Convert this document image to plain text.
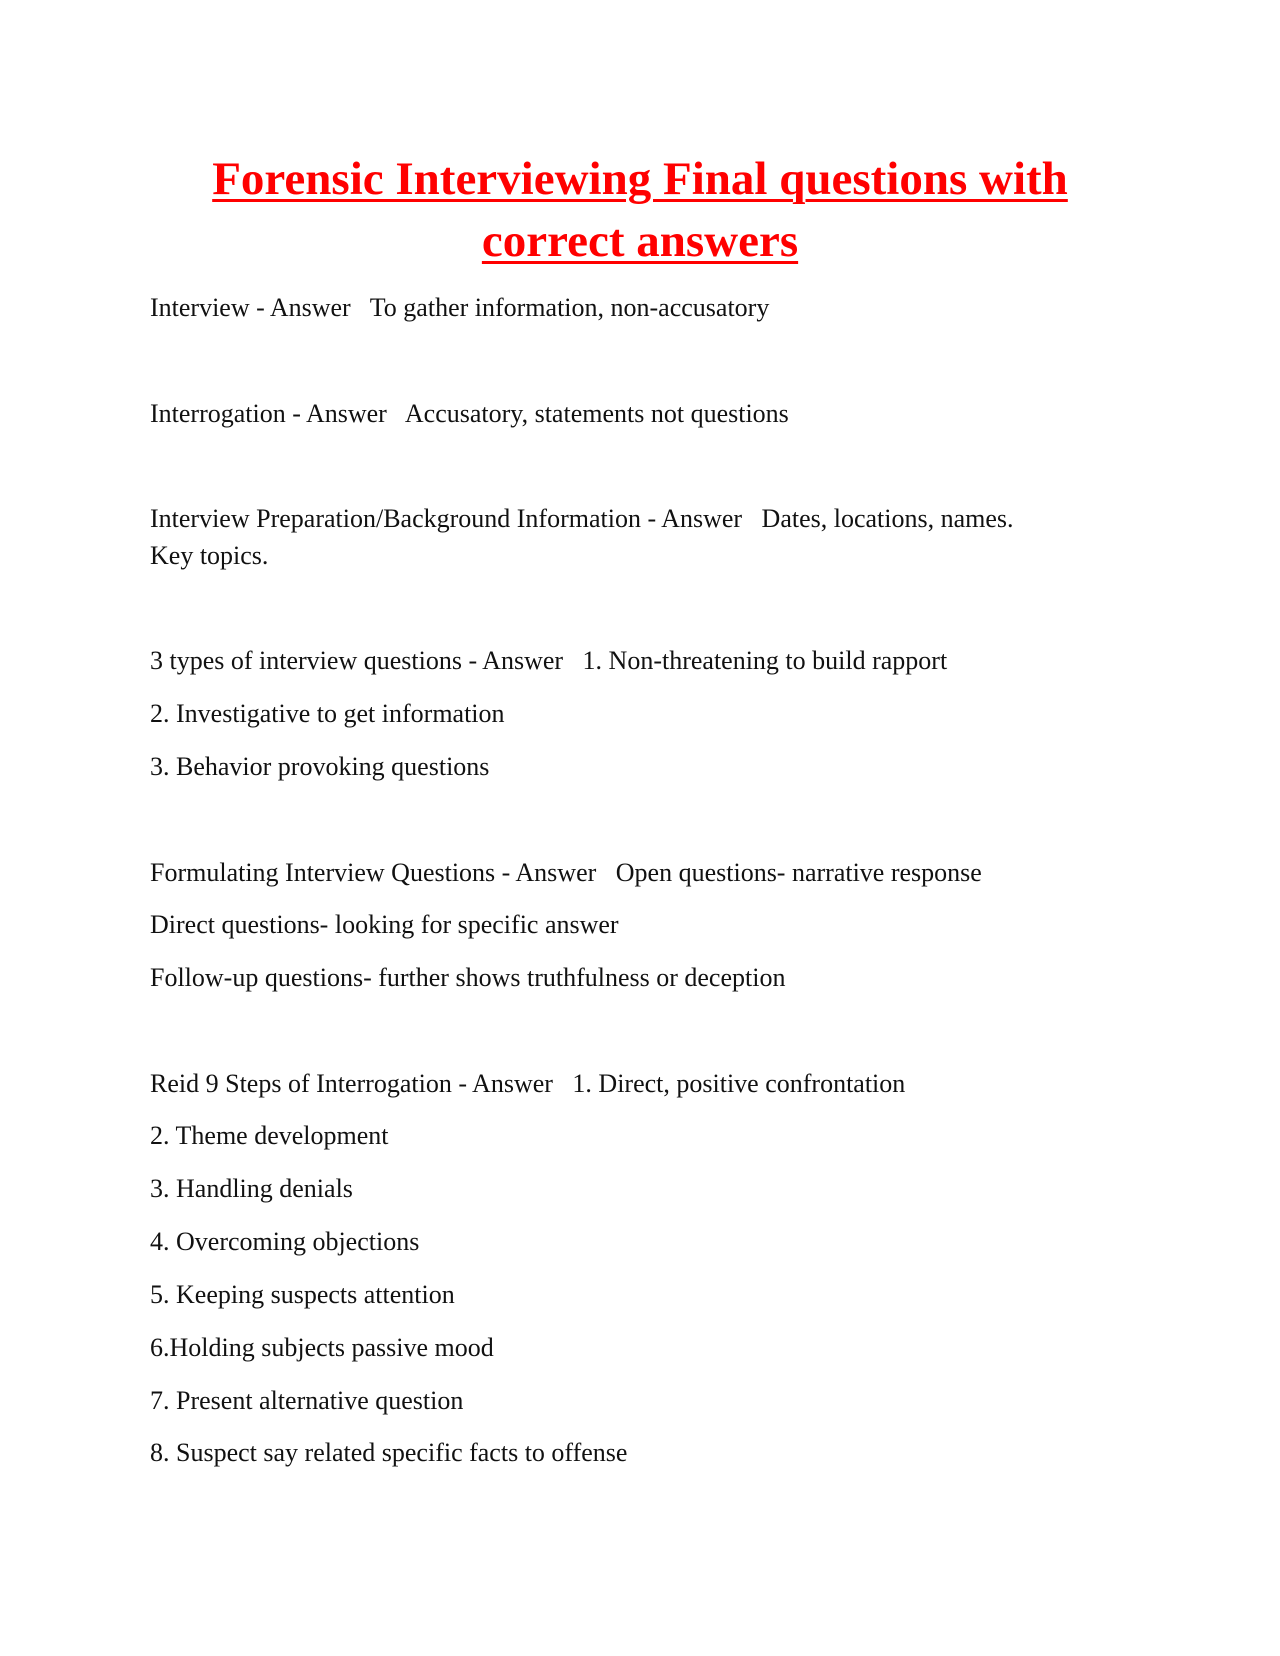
Forensic Interviewing Final questions with correct answers

Interview - Answer   To gather information, non-accusatory

Interrogation - Answer   Accusatory, statements not questions

Interview Preparation/Background Information - Answer   Dates, locations, names.

Key topics.

3 types of interview questions - Answer   1. Non-threatening to build rapport

2. Investigative to get information

3. Behavior provoking questions

Formulating Interview Questions - Answer   Open questions- narrative response

Direct questions- looking for specific answer

Follow-up questions- further shows truthfulness or deception

Reid 9 Steps of Interrogation - Answer   1. Direct, positive confrontation

2. Theme development

3. Handling denials

4. Overcoming objections

5. Keeping suspects attention

6.Holding subjects passive mood

7. Present alternative question

8. Suspect say related specific facts to offense
